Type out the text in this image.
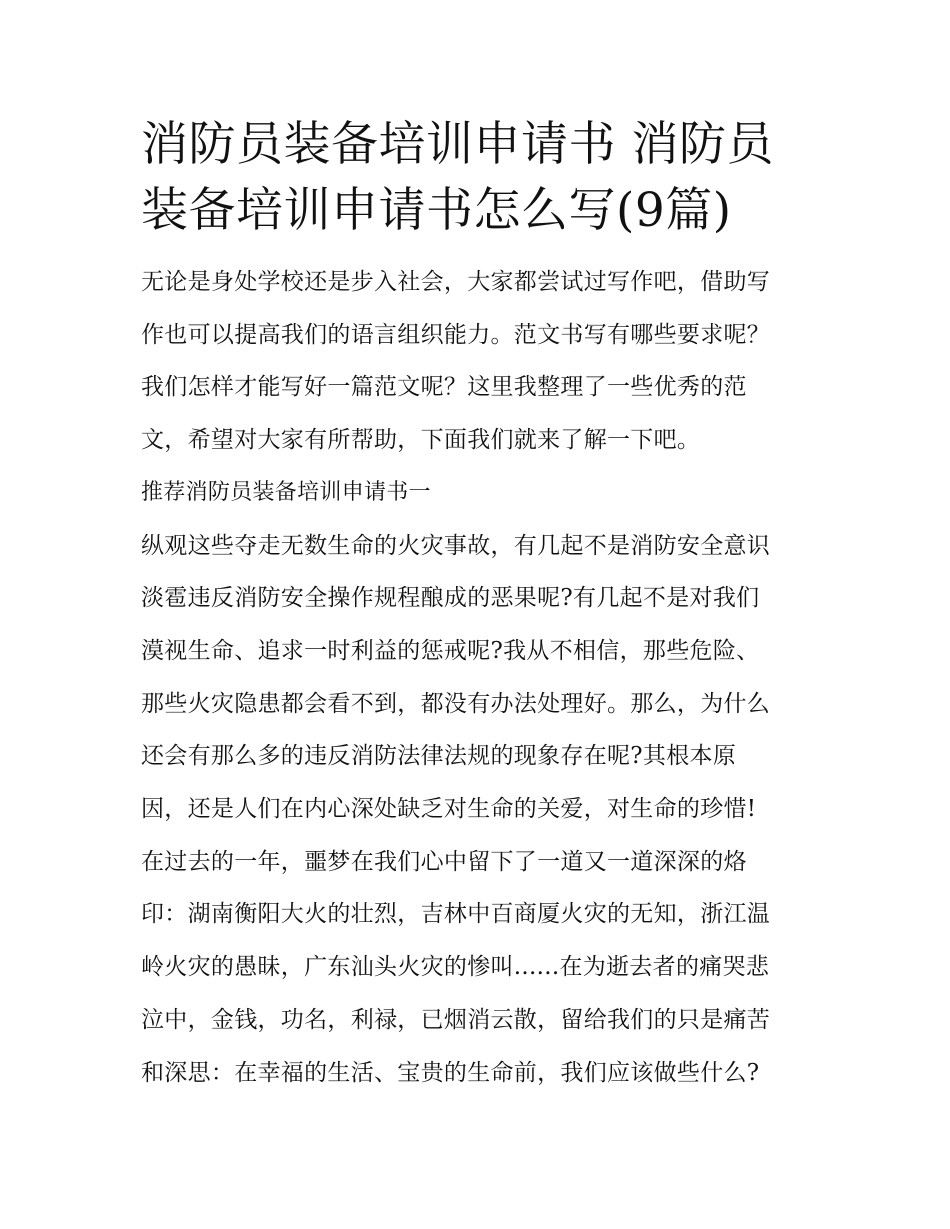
消防员装备培训申请书 消防员
装备培训申请书怎么写(9篇)
无论是身处学校还是步入社会，大家都尝试过写作吧，借助写
作也可以提高我们的语言组织能力。范文书写有哪些要求呢？
我们怎样才能写好一篇范文呢？这里我整理了一些优秀的范
文，希望对大家有所帮助，下面我们就来了解一下吧。
推荐消防员装备培训申请书一
纵观这些夺走无数生命的火灾事故，有几起不是消防安全意识
淡雹违反消防安全操作规程酿成的恶果呢?有几起不是对我们
漠视生命、追求一时利益的惩戒呢?我从不相信，那些危险、
那些火灾隐患都会看不到，都没有办法处理好。那么，为什么
还会有那么多的违反消防法律法规的现象存在呢?其根本原
因，还是人们在内心深处缺乏对生命的关爱，对生命的珍惜!
在过去的一年，噩梦在我们心中留下了一道又一道深深的烙
印：湖南衡阳大火的壮烈，吉林中百商厦火灾的无知，浙江温
岭火灾的愚昧，广东汕头火灾的惨叫......在为逝去者的痛哭悲
泣中，金钱，功名，利禄，已烟消云散，留给我们的只是痛苦
和深思：在幸福的生活、宝贵的生命前，我们应该做些什么?
